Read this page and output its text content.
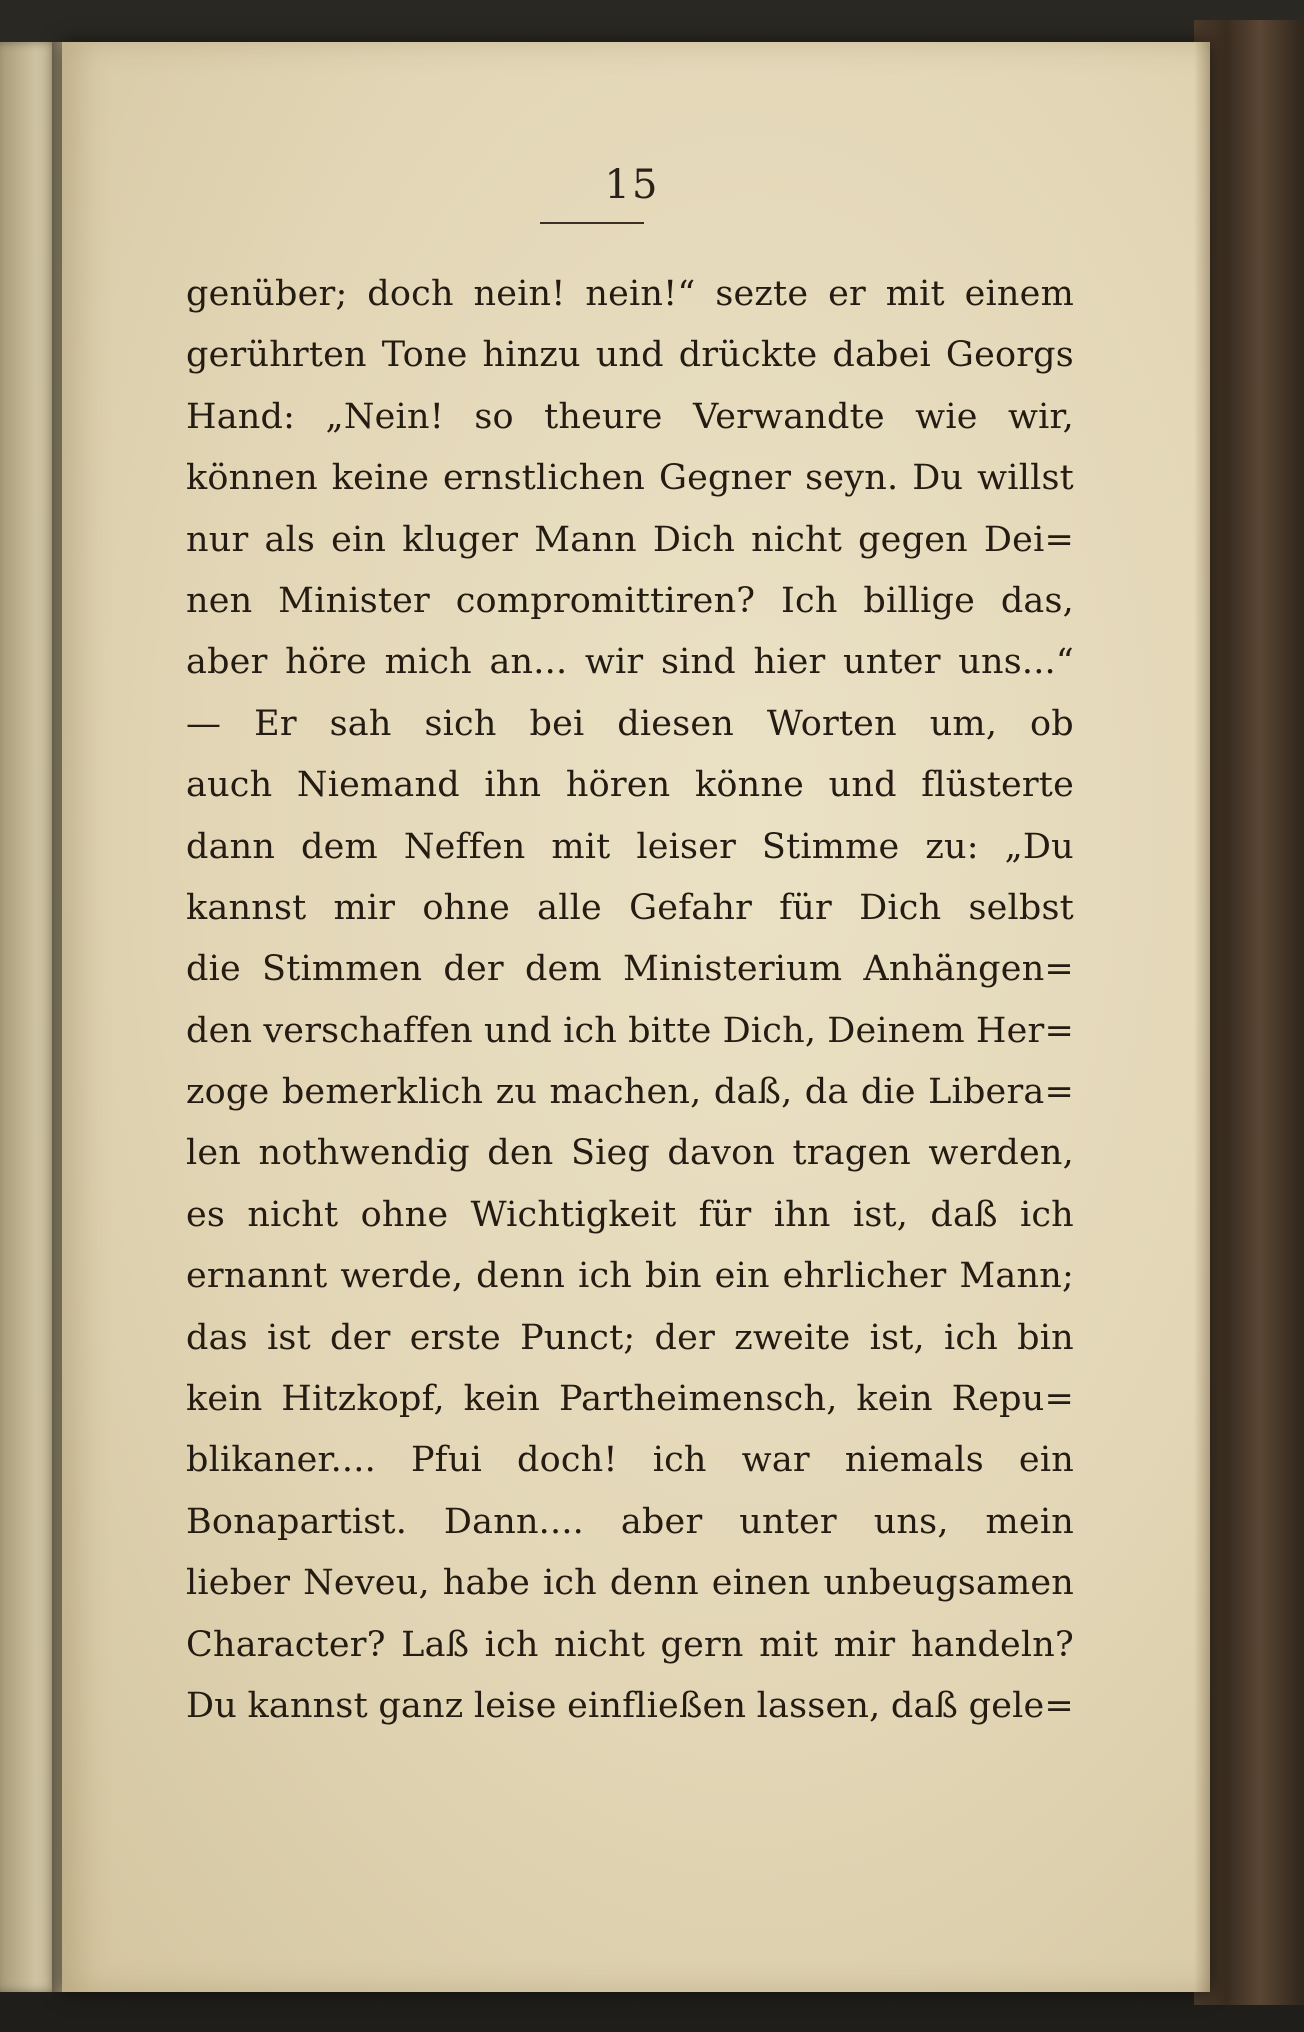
15
genüber; doch nein! nein!“ sezte er mit einem
gerührten Tone hinzu und drückte dabei Georgs
Hand: „Nein! so theure Verwandte wie wir,
können keine ernstlichen Gegner seyn. Du willst
nur als ein kluger Mann Dich nicht gegen Dei=
nen Minister compromittiren? Ich billige das,
aber höre mich an... wir sind hier unter uns...“
— Er sah sich bei diesen Worten um, ob
auch Niemand ihn hören könne und flüsterte
dann dem Neffen mit leiser Stimme zu: „Du
kannst mir ohne alle Gefahr für Dich selbst
die Stimmen der dem Ministerium Anhängen=
den verschaffen und ich bitte Dich, Deinem Her=
zoge bemerklich zu machen, daß, da die Libera=
len nothwendig den Sieg davon tragen werden,
es nicht ohne Wichtigkeit für ihn ist, daß ich
ernannt werde, denn ich bin ein ehrlicher Mann;
das ist der erste Punct; der zweite ist, ich bin
kein Hitzkopf, kein Partheimensch, kein Repu=
blikaner.... Pfui doch! ich war niemals ein
Bonapartist. Dann.... aber unter uns, mein
lieber Neveu, habe ich denn einen unbeugsamen
Character? Laß ich nicht gern mit mir handeln?
Du kannst ganz leise einfließen lassen, daß gele=
